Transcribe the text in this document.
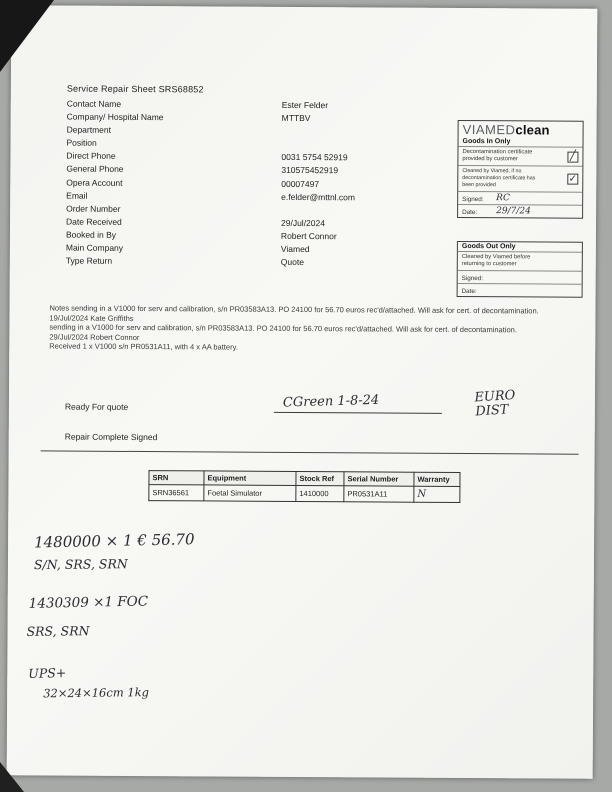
Service Repair Sheet SRS68852
Contact Name	Ester Felder
Company/ Hospital Name	MTTBV
Department
Position
Direct Phone	0031 5754 52919
General Phone	310575452919
Opera Account	00007497
Email	e.felder@mttnl.com
Order Number
Date Received	29/Jul/2024
Booked in By	Robert Connor
Main Company	Viamed
Type Return	Quote
VIAMEDclean
Goods In Only
Decontamination certificate provided by customer	╱
Cleaned by Viamed, if no decontamination certificate has been provided
✓
Signed:	RC
Date:	29/7/24
Goods Out Only
Cleaned by Viamed before returning to customer
Signed:
Date:
Notes sending in a V1000 for serv and calibration, s/n PR03583A13. PO 24100 for 56.70 euros rec'd/attached. Will ask for cert. of decontamination.
19/Jul/2024 Kate Griffiths
sending in a V1000 for serv and calibration, s/n PR03583A13. PO 24100 for 56.70 euros rec'd/attached. Will ask for cert. of decontamination.
29/Jul/2024 Robert Connor
Received 1 x V1000 s/n PR0531A11, with 4 x AA battery.
Ready For quote	CGreen 1-8-24	EURO
DIST
Repair Complete Signed
SRN	Equipment	Stock Ref	Serial Number	Warranty
SRN36561	Foetal Simulator	1410000	PR0531A11	N
1480000 × 1 € 56.70
S/N, SRS, SRN
1430309 ×1 FOC
SRS, SRN
UPS+
32×24×16cm 1kg
